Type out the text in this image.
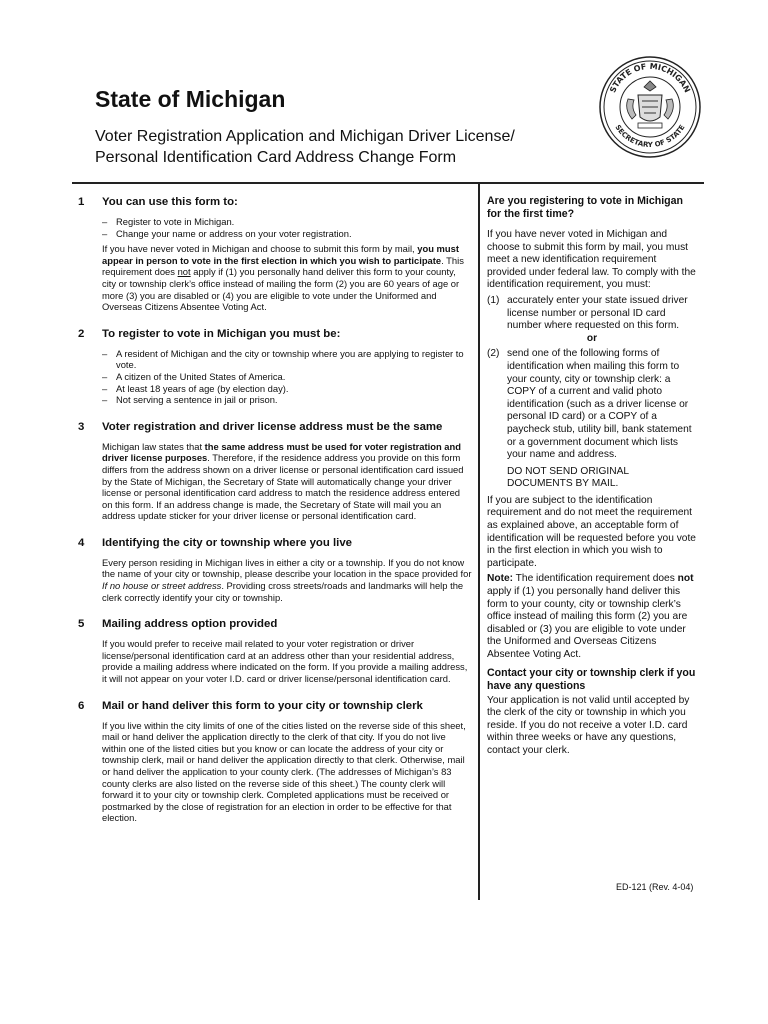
State of Michigan
Voter Registration Application and Michigan Driver License/
Personal Identification Card Address Change Form
STATE OF MICHIGAN
SECRETARY OF STATE
1	You can use this form to:
– Register to vote in Michigan.
– Change your name or address on your voter registration.

If you have never voted in Michigan and choose to submit this form by mail, you must appear in person to vote in the first election in which you wish to participate. This requirement does not apply if (1) you personally hand deliver this form to your county, city or township clerk’s office instead of mailing the form (2) you are 60 years of age or more (3) you are disabled or (4) you are eligible to vote under the Uniformed and Overseas Citizens Absentee Voting Act.

2	To register to vote in Michigan you must be:
– A resident of Michigan and the city or township where you are applying to register to vote.
– A citizen of the United States of America.
– At least 18 years of age (by election day).
– Not serving a sentence in jail or prison.
3	Voter registration and driver license address must be the same

Michigan law states that the same address must be used for voter registration and driver license purposes. Therefore, if the residence address you provide on this form differs from the address shown on a driver license or personal identification card issued by the State of Michigan, the Secretary of State will automatically change your driver license or personal identification card address to match the residence address entered on this form. If an address change is made, the Secretary of State will mail you an address update sticker for your driver license or personal identification card.

4	Identifying the city or township where you live

Every person residing in Michigan lives in either a city or a township. If you do not know the name of your city or township, please describe your location in the space provided for If no house or street address. Providing cross streets/roads and landmarks will help the clerk correctly identify your city or township.

5	Mailing address option provided

If you would prefer to receive mail related to your voter registration or driver license/personal identification card at an address other than your residential address, provide a mailing address where indicated on the form. If you provide a mailing address, it will not appear on your voter I.D. card or driver license/personal identification card.

6	Mail or hand deliver this form to your city or township clerk

If you live within the city limits of one of the cities listed on the reverse side of this sheet, mail or hand deliver the application directly to the clerk of that city. If you do not live within one of the listed cities but you know or can locate the address of your city or township clerk, mail or hand deliver the application directly to that clerk. Otherwise, mail or hand deliver the application to your county clerk. (The addresses of Michigan’s 83 county clerks are also listed on the reverse side of this sheet.) The county clerk will forward it to your city or township clerk. Completed applications must be received or postmarked by the close of registration for an election in order to be effective for that election.

Are you registering to vote in Michigan for the first time?

If you have never voted in Michigan and choose to submit this form by mail, you must meet a new identification requirement provided under federal law. To comply with the identification requirement, you must:

(1) accurately enter your state issued driver license number or personal ID card number where requested on this form.
or
(2) send one of the following forms of identification when mailing this form to your county, city or township clerk: a COPY of a current and valid photo identification (such as a driver license or personal ID card) or a COPY of a paycheck stub, utility bill, bank statement or a government document which lists your name and address.

DO NOT SEND ORIGINAL DOCUMENTS BY MAIL.

If you are subject to the identification requirement and do not meet the requirement as explained above, an acceptable form of identification will be requested before you vote in the first election in which you wish to participate.

Note: The identification requirement does not apply if (1) you personally hand deliver this form to your county, city or township clerk’s office instead of mailing this form (2) you are disabled or (3) you are eligible to vote under the Uniformed and Overseas Citizens Absentee Voting Act.

Contact your city or township clerk if you have any questions

Your application is not valid until accepted by the clerk of the city or township in which you reside. If you do not receive a voter I.D. card within three weeks or have any questions, contact your clerk.

ED-121 (Rev. 4-04)
